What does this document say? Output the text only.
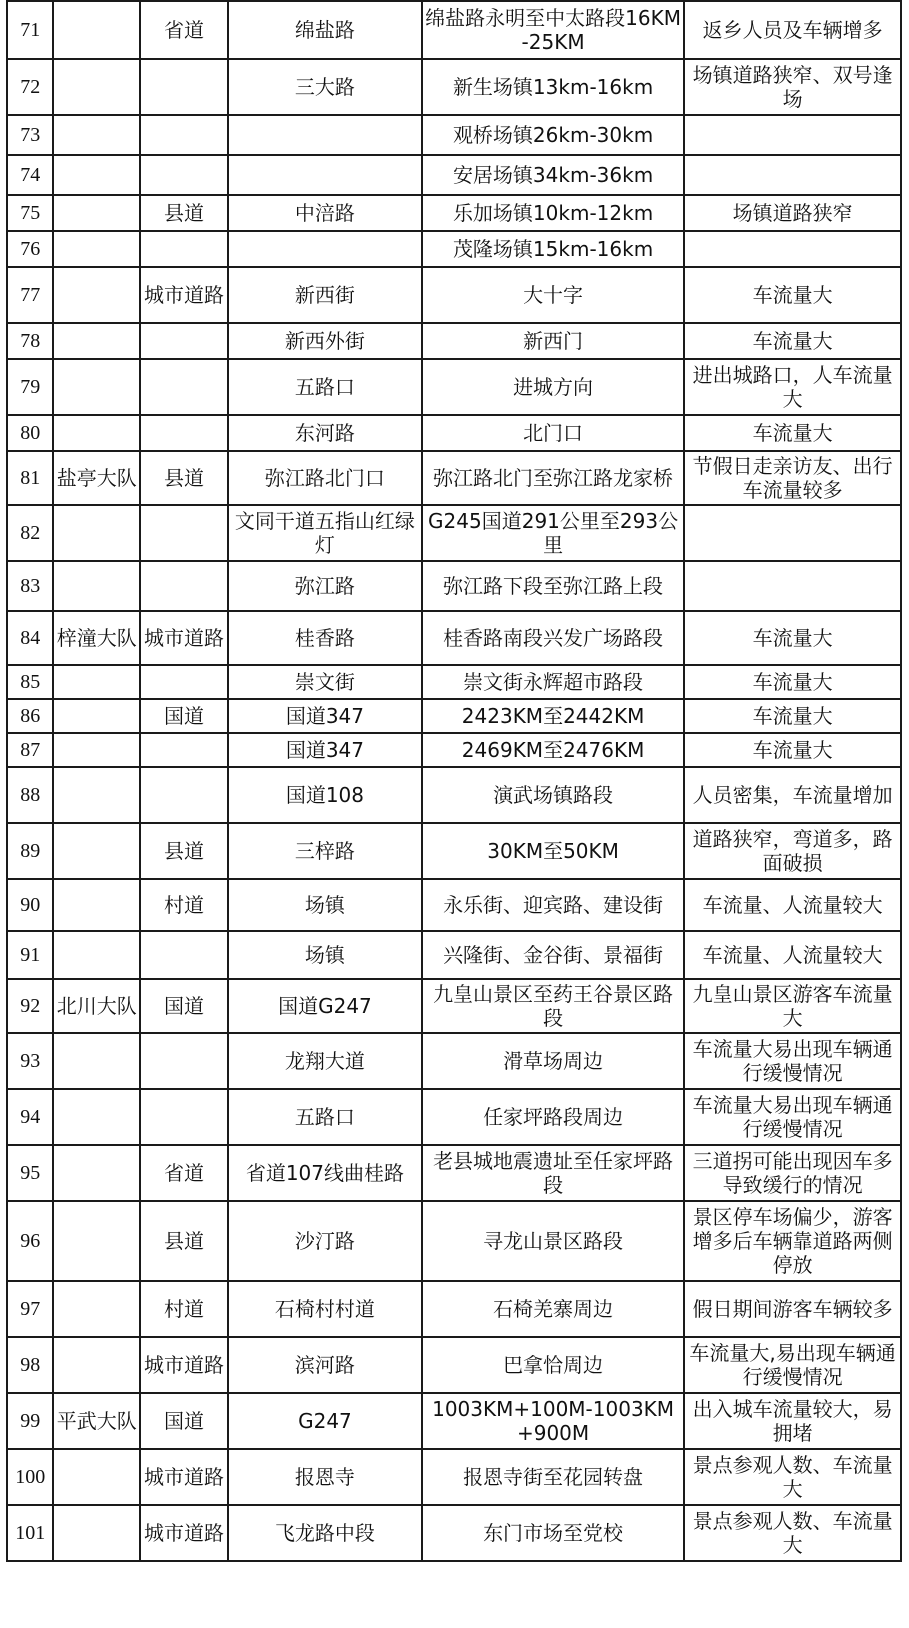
71		省道	绵盐路	绵盐路永明至中太路段16KM-25KM	返乡人员及车辆增多
72			三大路	新生场镇13km-16km	场镇道路狭窄、双号逢场
73				观桥场镇26km-30km	
74				安居场镇34km-36km	
75		县道	中涪路	乐加场镇10km-12km	场镇道路狭窄
76				茂隆场镇15km-16km	
77		城市道路	新西街	大十字	车流量大
78			新西外街	新西门	车流量大
79			五路口	进城方向	进出城路口，人车流量大
80			东河路	北门口	车流量大
81	盐亭大队	县道	弥江路北门口	弥江路北门至弥江路龙家桥	节假日走亲访友、出行车流量较多
82			文同干道五指山红绿灯	G245国道291公里至293公里	
83			弥江路	弥江路下段至弥江路上段	
84	梓潼大队	城市道路	桂香路	桂香路南段兴发广场路段	车流量大
85			崇文街	崇文街永辉超市路段	车流量大
86		国道	国道347	2423KM至2442KM	车流量大
87			国道347	2469KM至2476KM	车流量大
88			国道108	演武场镇路段	人员密集，车流量增加
89		县道	三梓路	30KM至50KM	道路狭窄，弯道多，路面破损
90		村道	场镇	永乐街、迎宾路、建设街	车流量、人流量较大
91			场镇	兴隆街、金谷街、景福街	车流量、人流量较大
92	北川大队	国道	国道G247	九皇山景区至药王谷景区路段	九皇山景区游客车流量大
93			龙翔大道	滑草场周边	车流量大易出现车辆通行缓慢情况
94			五路口	任家坪路段周边	车流量大易出现车辆通行缓慢情况
95		省道	省道107线曲桂路	老县城地震遗址至任家坪路段	三道拐可能出现因车多导致缓行的情况
96		县道	沙汀路	寻龙山景区路段	景区停车场偏少，游客增多后车辆靠道路两侧停放
97		村道	石椅村村道	石椅羌寨周边	假日期间游客车辆较多
98		城市道路	滨河路	巴拿恰周边	车流量大,易出现车辆通行缓慢情况
99	平武大队	国道	G247	1003KM+100M-1003KM+900M	出入城车流量较大，易拥堵
100		城市道路	报恩寺	报恩寺街至花园转盘	景点参观人数、车流量大
101		城市道路	飞龙路中段	东门市场至党校	景点参观人数、车流量大
